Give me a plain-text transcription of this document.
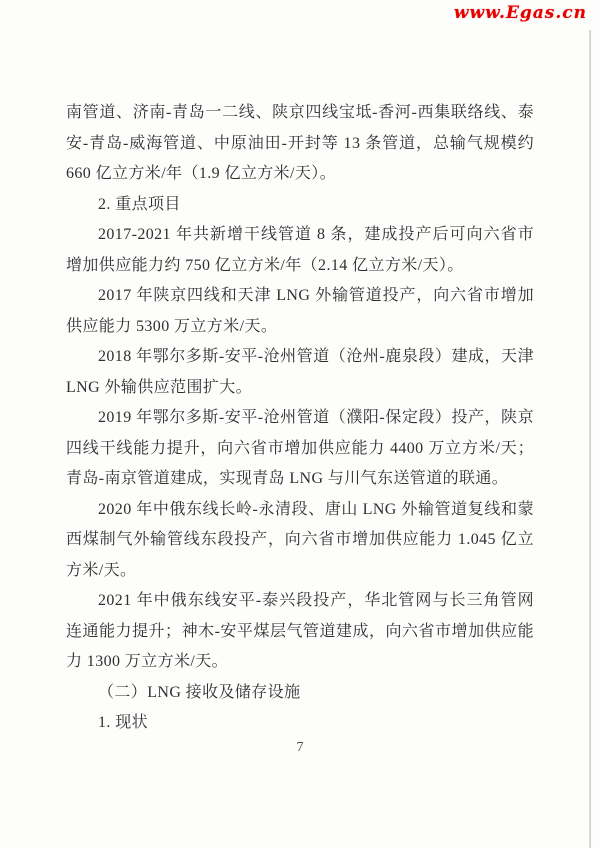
www.Egas.cn

南管道、济南-青岛一二线、陕京四线宝坻-香河-西集联络线、泰安-青岛-威海管道、中原油田-开封等 13 条管道，总输气规模约 660 亿立方米/年（1.9 亿立方米/天）。

2. 重点项目

2017-2021 年共新增干线管道 8 条，建成投产后可向六省市增加供应能力约 750 亿立方米/年（2.14 亿立方米/天）。

2017 年陕京四线和天津 LNG 外输管道投产，向六省市增加供应能力 5300 万立方米/天。

2018 年鄂尔多斯-安平-沧州管道（沧州-鹿泉段）建成，天津 LNG 外输供应范围扩大。

2019 年鄂尔多斯-安平-沧州管道（濮阳-保定段）投产，陕京四线干线能力提升，向六省市增加供应能力 4400 万立方米/天；青岛-南京管道建成，实现青岛 LNG 与川气东送管道的联通。

2020 年中俄东线长岭-永清段、唐山 LNG 外输管道复线和蒙西煤制气外输管线东段投产，向六省市增加供应能力 1.045 亿立方米/天。

2021 年中俄东线安平-泰兴段投产，华北管网与长三角管网连通能力提升；神木-安平煤层气管道建成，向六省市增加供应能力 1300 万立方米/天。

（二）LNG 接收及储存设施

1. 现状

7
